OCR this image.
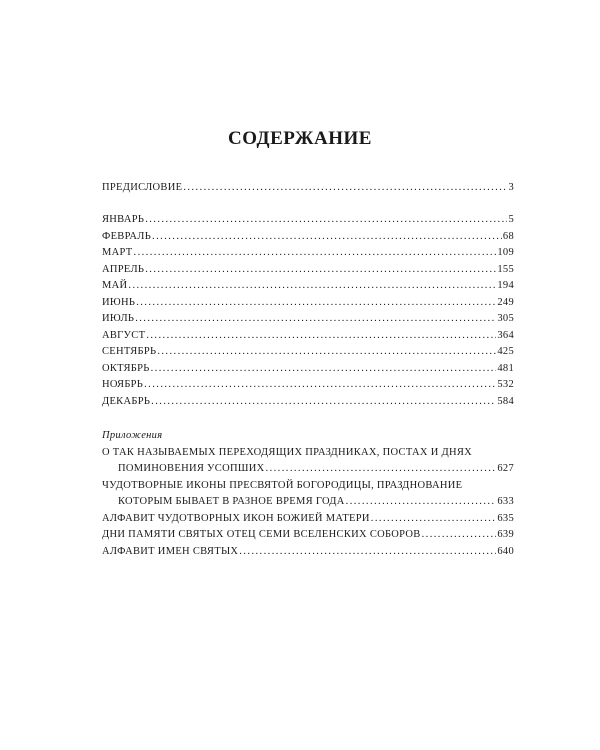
СОДЕРЖАНИЕ
ПРЕДИСЛОВИЕ . . .	3
ЯНВАРЬ . . .	5
ФЕВРАЛЬ . . .	68
МАРТ . . .	109
АПРЕЛЬ . . .	155
МАЙ . . .	194
ИЮНЬ . . .	249
ИЮЛЬ . . .	305
АВГУСТ . . .	364
СЕНТЯБРЬ . . .	425
ОКТЯБРЬ . . .	481
НОЯБРЬ . . .	532
ДЕКАБРЬ . . .	584
Приложения
О ТАК НАЗЫВАЕМЫХ ПЕРЕХОДЯЩИХ ПРАЗДНИКАХ, ПОСТАХ И ДНЯХ
ПОМИНОВЕНИЯ УСОПШИХ . . .	627
ЧУДОТВОРНЫЕ ИКОНЫ ПРЕСВЯТОЙ БОГОРОДИЦЫ, ПРАЗДНОВАНИЕ
КОТОРЫМ БЫВАЕТ В РАЗНОЕ ВРЕМЯ ГОДА . . .	633
АЛФАВИТ ЧУДОТВОРНЫХ ИКОН БОЖИЕЙ МАТЕРИ . . .	635
ДНИ ПАМЯТИ СВЯТЫХ ОТЕЦ СЕМИ ВСЕЛЕНСКИХ СОБОРОВ . . .	639
АЛФАВИТ ИМЕН СВЯТЫХ . . .	640
